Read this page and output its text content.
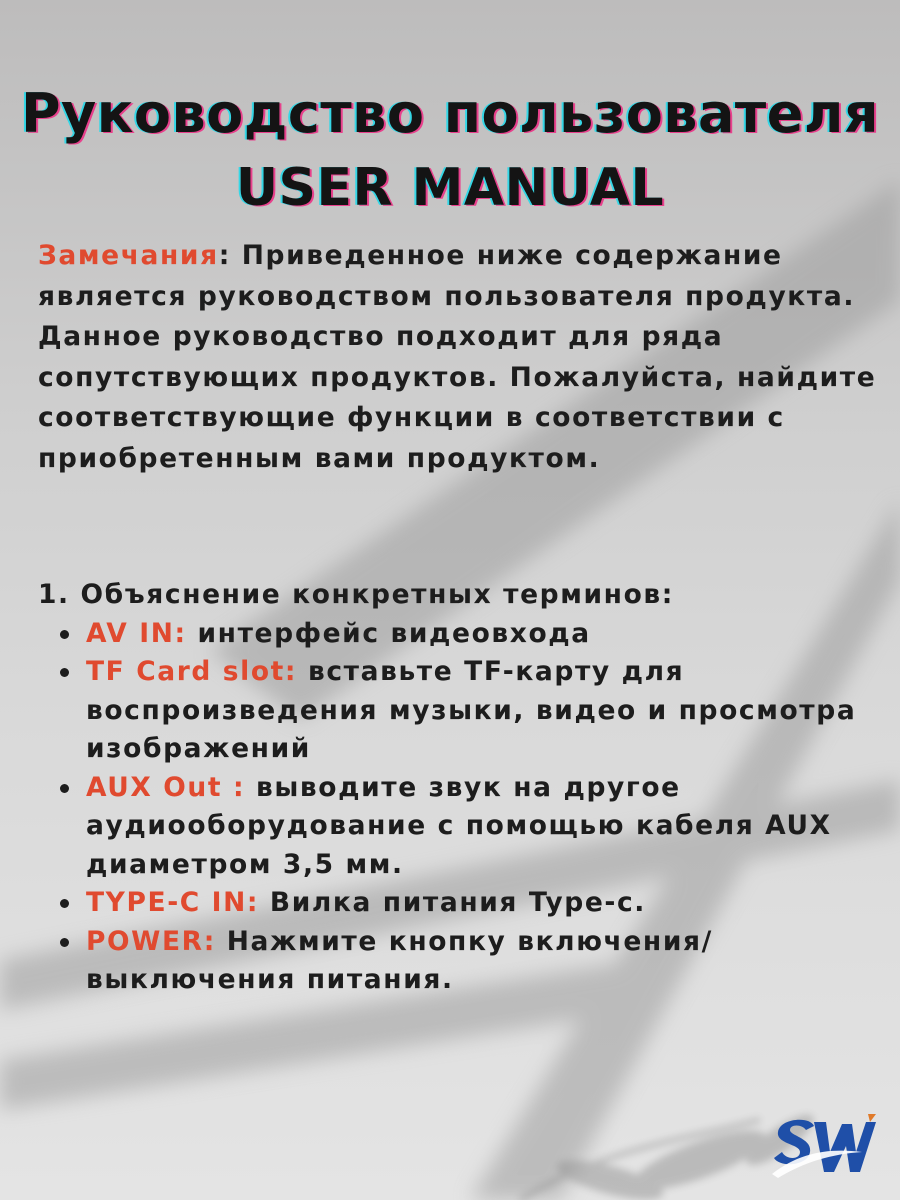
Руководство пользователя
USER MANUAL

Замечания: Приведенное ниже содержание является руководством пользователя продукта. Данное руководство подходит для ряда сопутствующих продуктов. Пожалуйста, найдите соответствующие функции в соответствии с приобретенным вами продуктом.

1. Объяснение конкретных терминов:
AV IN: интерфейс видеовхода
TF Card slot: вставьте TF-карту для воспроизведения музыки, видео и просмотра изображений
AUX Out : выводите звук на другое аудиооборудование с помощью кабеля AUX диаметром 3,5 мм.
TYPE-C IN: Вилка питания Type-c.
POWER: Нажмите кнопку включения/ выключения питания.
